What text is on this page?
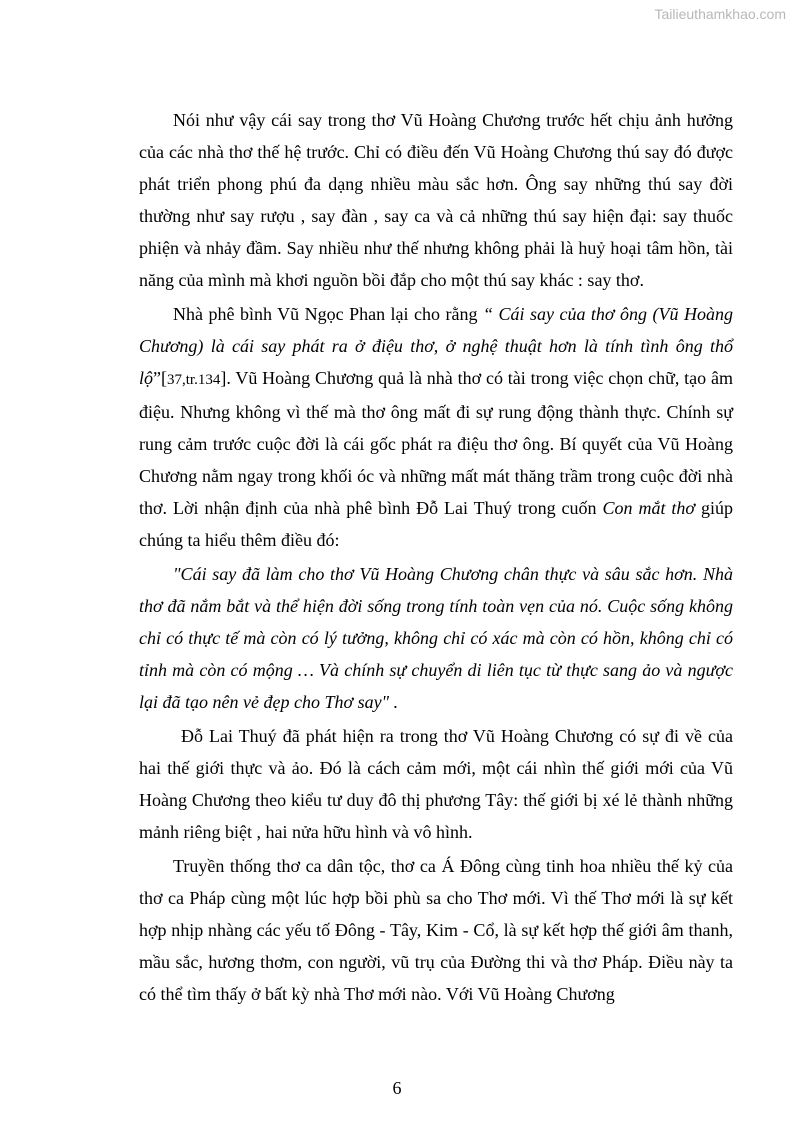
Tailieuthamkhao.com

Nói như vậy cái say trong thơ Vũ Hoàng Chương trước hết chịu ảnh hưởng của các nhà thơ thế hệ trước. Chỉ có điều đến Vũ Hoàng Chương thú say đó được phát triển phong phú đa dạng nhiều màu sắc hơn. Ông say những thú say đời thường như say rượu , say đàn , say ca và cả những thú say hiện đại: say thuốc phiện và nhảy đầm. Say nhiều như thế nhưng không phải là huỷ hoại tâm hồn, tài năng của mình mà khơi nguồn bồi đắp cho một thú say khác : say thơ.

Nhà phê bình Vũ Ngọc Phan lại cho rằng “ Cái say của thơ ông (Vũ Hoàng Chương) là cái say phát ra ở điệu thơ, ở nghệ thuật hơn là tính tình ông thổ lộ”[37,tr.134]. Vũ Hoàng Chương quả là nhà thơ có tài trong việc chọn chữ, tạo âm điệu. Nhưng không vì thế mà thơ ông mất đi sự rung động thành thực. Chính sự rung cảm trước cuộc đời là cái gốc phát ra điệu thơ ông. Bí quyết của Vũ Hoàng Chương nằm ngay trong khối óc và những mất mát thăng trầm trong cuộc đời nhà thơ. Lời nhận định của nhà phê bình Đỗ Lai Thuý trong cuốn Con mắt thơ giúp chúng ta hiểu thêm điều đó:

"Cái say đã làm cho thơ Vũ Hoàng Chương chân thực và sâu sắc hơn. Nhà thơ đã nắm bắt và thể hiện đời sống trong tính toàn vẹn của nó. Cuộc sống không chỉ có thực tế mà còn có lý tưởng, không chỉ có xác mà còn có hồn, không chỉ có tỉnh mà còn có mộng … Và chính sự chuyển di liên tục từ thực sang ảo và ngược lại đã tạo nên vẻ đẹp cho Thơ say" .

Đỗ Lai Thuý đã phát hiện ra trong thơ Vũ Hoàng Chương có sự đi về của hai thế giới thực và ảo. Đó là cách cảm mới, một cái nhìn thế giới mới của Vũ Hoàng Chương theo kiểu tư duy đô thị phương Tây: thế giới bị xé lẻ thành những mảnh riêng biệt , hai nửa hữu hình và vô hình.

Truyền thống thơ ca dân tộc, thơ ca Á Đông cùng tinh hoa nhiều thế kỷ của thơ ca Pháp cùng một lúc hợp bồi phù sa cho Thơ mới. Vì thế Thơ mới là sự kết hợp nhịp nhàng các yếu tố Đông - Tây, Kim - Cổ, là sự kết hợp thế giới âm thanh, mầu sắc, hương thơm, con người, vũ trụ của Đường thi và thơ Pháp. Điều này ta có thể tìm thấy ở bất kỳ nhà Thơ mới nào. Với Vũ Hoàng Chương

6
